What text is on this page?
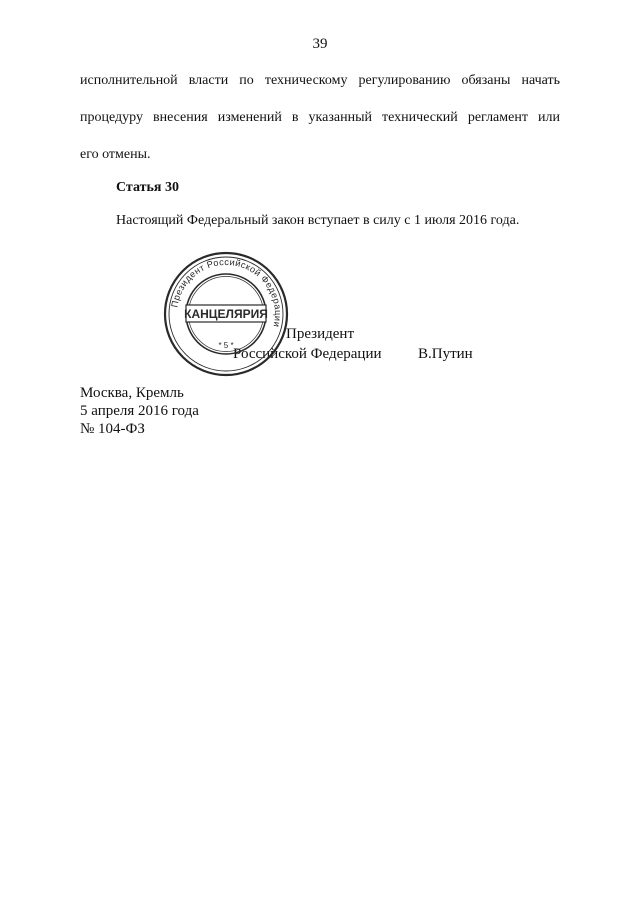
39
исполнительной власти по техническому регулированию обязаны начать
процедуру внесения изменений в указанный технический регламент или
его отмены.
Статья 30
Настоящий Федеральный закон вступает в силу с 1 июля 2016 года.
Президент
Российской Федерации В.Путин
Президент Российской Федерации
КАНЦЕЛЯРИЯ
* 5 *
Москва, Кремль
5 апреля 2016 года
№ 104-ФЗ
